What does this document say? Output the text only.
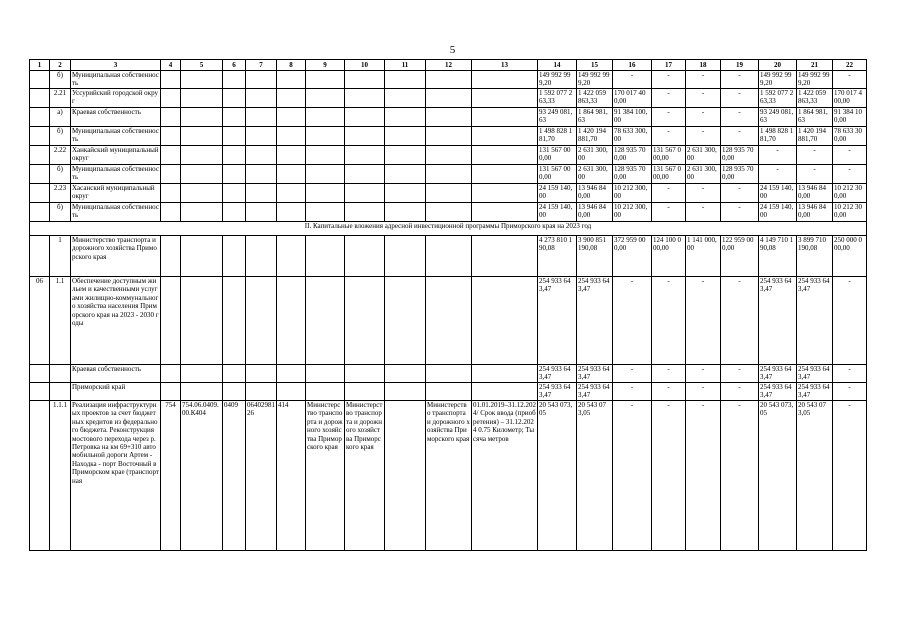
5
1	2	3	4	5	6	7	8	9	10	11	12	13	14	15	16	17	18	19	20	21	22
	б)	Муниципальная собственность											149 992 999,20	149 992 999,20	-	-	-	-	149 992 999,20	149 992 999,20	-
	2.21	Уссурийский городской округ											1 592 077 263,33	1 422 059 863,33	170 017 400,00	-	-	-	1 592 077 263,33	1 422 059 863,33	170 017 400,00
	а)	Краевая собственность											93 249 081,63	1 864 981,63	91 384 100,00	-	-	-	93 249 081,63	1 864 981,63	91 384 100,00
	б)	Муниципальная собственность											1 498 828 181,70	1 420 194 881,70	78 633 300,00	-	-	-	1 498 828 181,70	1 420 194 881,70	78 633 300,00
	2.22	Ханкайский муниципальный округ											131 567 000,00	2 631 300,00	128 935 700,00	131 567 000,00	2 631 300,00	128 935 700,00	-	-	-
	б)	Муниципальная собственность											131 567 000,00	2 631 300,00	128 935 700,00	131 567 000,00	2 631 300,00	128 935 700,00	-	-	-
	2.23	Хасанский муниципальный округ											24 159 140,00	13 946 840,00	10 212 300,00	-	-	-	24 159 140,00	13 946 840,00	10 212 300,00
	б)	Муниципальная собственность											24 159 140,00	13 946 840,00	10 212 300,00	-	-	-	24 159 140,00	13 946 840,00	10 212 300,00
II. Капитальные вложения адресной инвестиционной программы Приморского края на 2023 год																					
	1	Министерство транспорта и дорожного хозяйства Приморского края											4 273 810 190,08	3 900 851 190,08	372 959 000,00	124 100 000,00	1 141 000,00	122 959 000,00	4 149 710 190,08	3 899 710 190,08	250 000 000,00
06	1.1	Обеспечение доступным жильем и качественными услугами жилищно-коммунального хозяйства населения Приморского края на 2023 - 2030 годы											254 933 643,47	254 933 643,47	-	-	-	-	254 933 643,47	254 933 643,47	-
		Краевая собственность											254 933 643,47	254 933 643,47	-	-	-	-	254 933 643,47	254 933 643,47	-
		Приморский край											254 933 643,47	254 933 643,47	-	-	-	-	254 933 643,47	254 933 643,47	-
	1.1.1	Реализация инфраструктурных проектов за счет бюджетных кредитов из федерального бюджета. Реконструкция мостового перехода через р. Петровка на км 69+310 автомобильной дороги Артем - Находка - порт Восточный в Приморском крае (транспортная	754	754.06.0409.00.К404	0409	0640298126	414	Министерство транспорта и дорожного хозяйства Приморского края	Министерство транспорта и дорожного хозяйства Приморского края		Министерство транспорта и дорожного хозяйства Приморского края	01.01.2019–31.12.2024/ Срок ввода (приобретения) – 31.12.2024 0.75 Километр; Тысяча метров	20 543 073,05	20 543 073,05	-	-	-	-	20 543 073,05	20 543 073,05	-
